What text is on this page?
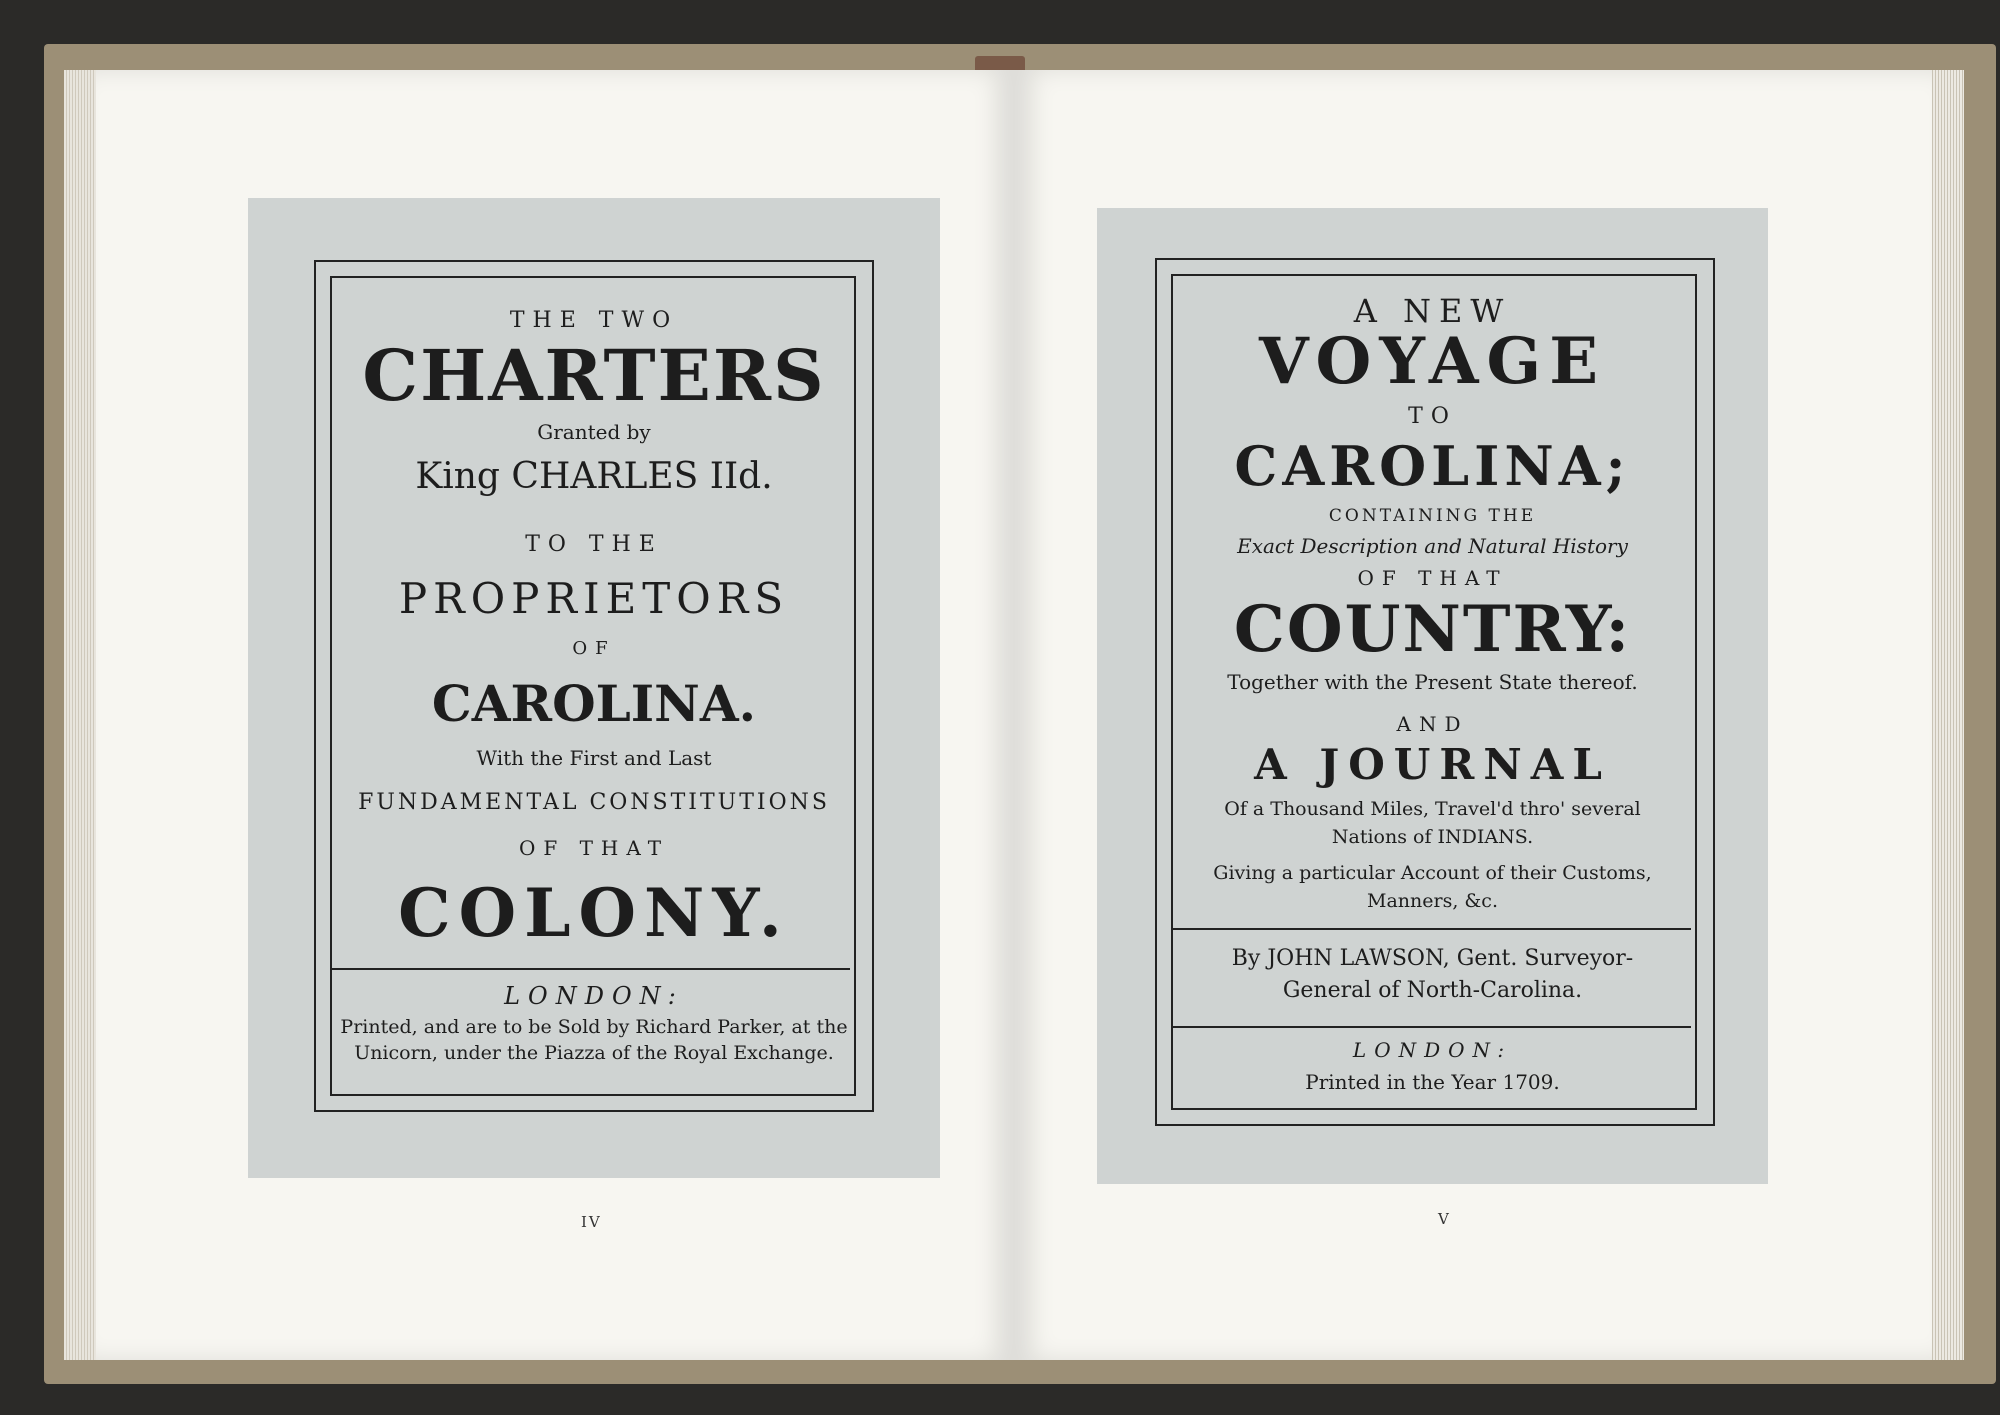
THE TWO
CHARTERS
Granted by
King CHARLES IId.
TO THE
PROPRIETORS
OF
CAROLINA.
With the First and Last
FUNDAMENTAL CONSTITUTIONS
OF THAT
COLONY.
LONDON:
Printed, and are to be Sold by Richard Parker, at the
Unicorn, under the Piazza of the Royal Exchange.
A NEW
VOYAGE
TO
CAROLINA;
CONTAINING THE
Exact Description and Natural History
OF THAT
COUNTRY:
Together with the Present State thereof.
AND
A JOURNAL
Of a Thousand Miles, Travel'd thro' several
Nations of INDIANS.
Giving a particular Account of their Customs,
Manners, &c.
By JOHN LAWSON, Gent. Surveyor-
General of North-Carolina.
LONDON:
Printed in the Year 1709.
IV	V
